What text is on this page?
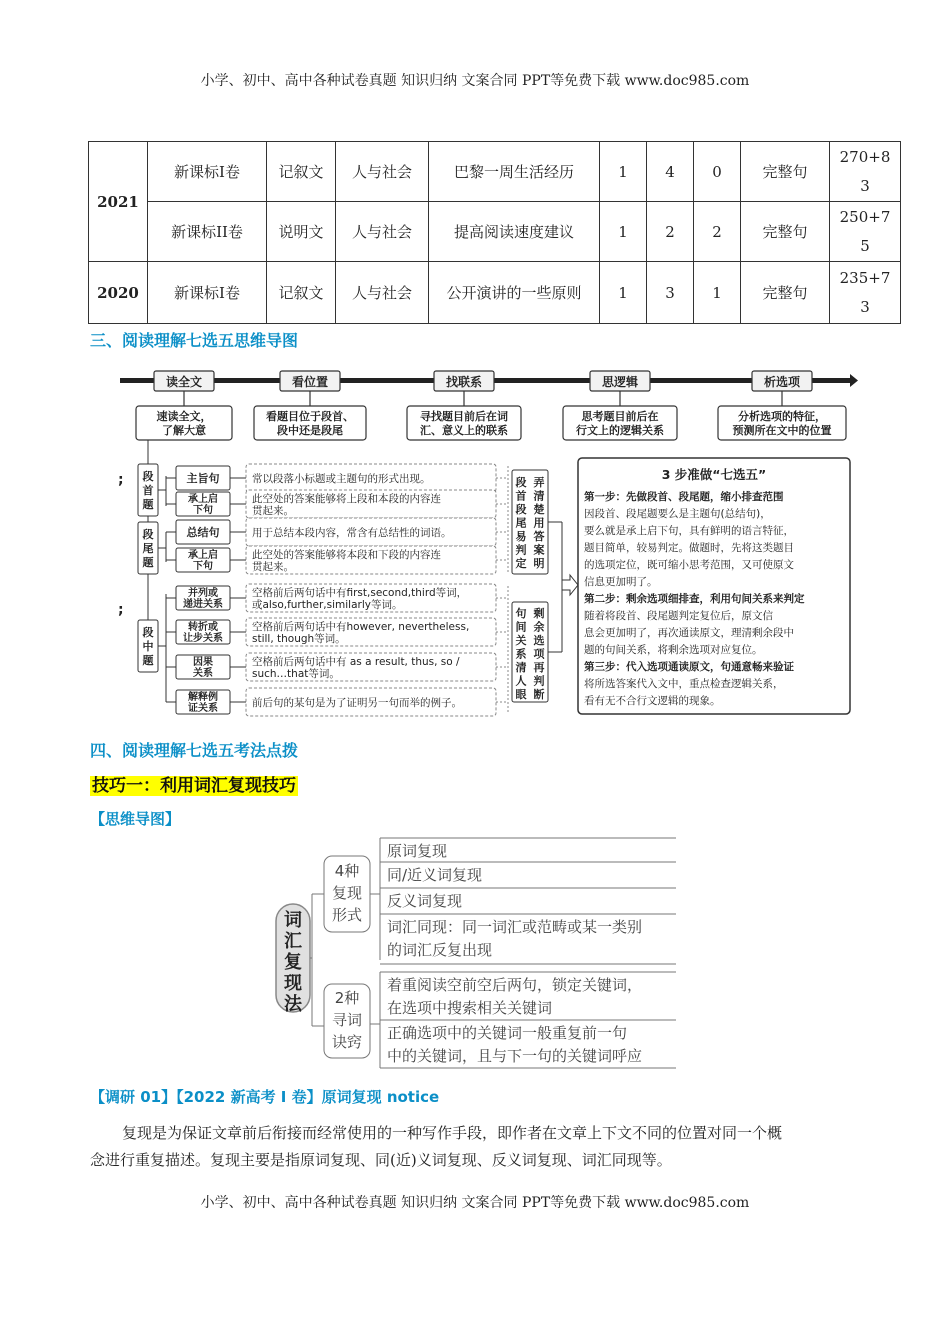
小学、初中、高中各种试卷真题 知识归纳 文案合同 PPT等免费下载 www.doc985.com
2021	新课标I卷	记叙文	人与社会	巴黎一周生活经历	1	4	0	完整句	270+8
3

	新课标II卷	说明文	人与社会	提高阅读速度建议	1	2	2	完整句	250+7
5

2020	新课标I卷	记叙文	人与社会	公开演讲的一些原则	1	3	1	完整句	235+7
3
三、阅读理解七选五思维导图
读全文
速读全文，
了解大意
看位置
看题目位于段首、
段中还是段尾
找联系
寻找题目前后在词
汇、意义上的联系
思逻辑
思考题目前后在
行文上的逻辑关系
析选项
分析选项的特征，
预测所在文中的位置
段
首
题
段
尾
题
段
中
题
;
;
主旨句	常以段落小标题或主题句的形式出现。
承上启
下句
此空处的答案能够将上段和本段的内容连
贯起来。
总结句	用于总结本段内容，常含有总结性的词语。
承上启
下句
此空处的答案能够将本段和下段的内容连
贯起来。
并列或
递进关系
空格前后两句话中有first,second,third等词，
或also,further,similarly等词。
转折或
让步关系
空格前后两句话中有however, nevertheless,
still, though等词。
因果
关系
空格前后两句话中有 as a result, thus, so /
such…that等词。
解释例
证关系	前后句的某句是为了证明另一句而举的例子。
段
首
段
尾
易
判
定
弄
清
楚
用
答
案
明
句
间
关
系
清
人
眼
剩
余
选
项
再
判
断
3 步准做“七选五”
第一步：先做段首、段尾题，缩小排查范围
因段首、段尾题要么是主题句(总结句)，
要么就是承上启下句，具有鲜明的语言特征，
题目简单，较易判定。做题时，先将这类题目
的选项定位，既可缩小思考范围，又可使原文
信息更加明了。
第二步：剩余选项细排查，利用句间关系来判定
随着将段首、段尾题判定复位后，原文信
息会更加明了，再次通读原文，理清剩余段中
题的句间关系，将剩余选项对应复位。
第三步：代入选项通读原文，句通意畅来验证
将所选答案代入文中，重点检查逻辑关系，
看有无不合行文逻辑的现象。
四、阅读理解七选五考法点拨
技巧一：利用词汇复现技巧
【思维导图】
词
汇
复
现
法
4种
复现
形式
2种
寻词
诀窍
原词复现
同/近义词复现
反义词复现
词汇同现：同一词汇或范畴或某一类别
的词汇反复出现
着重阅读空前空后两句，锁定关键词，
在选项中搜索相关关键词
正确选项中的关键词一般重复前一句
中的关键词，且与下一句的关键词呼应
【调研 01】【2022 新高考 I 卷】原词复现 notice
复现是为保证文章前后衔接而经常使用的一种写作手段，即作者在文章上下文不同的位置对同一个概
念进行重复描述。复现主要是指原词复现、同(近)义词复现、反义词复现、词汇同现等。
小学、初中、高中各种试卷真题 知识归纳 文案合同 PPT等免费下载 www.doc985.com
